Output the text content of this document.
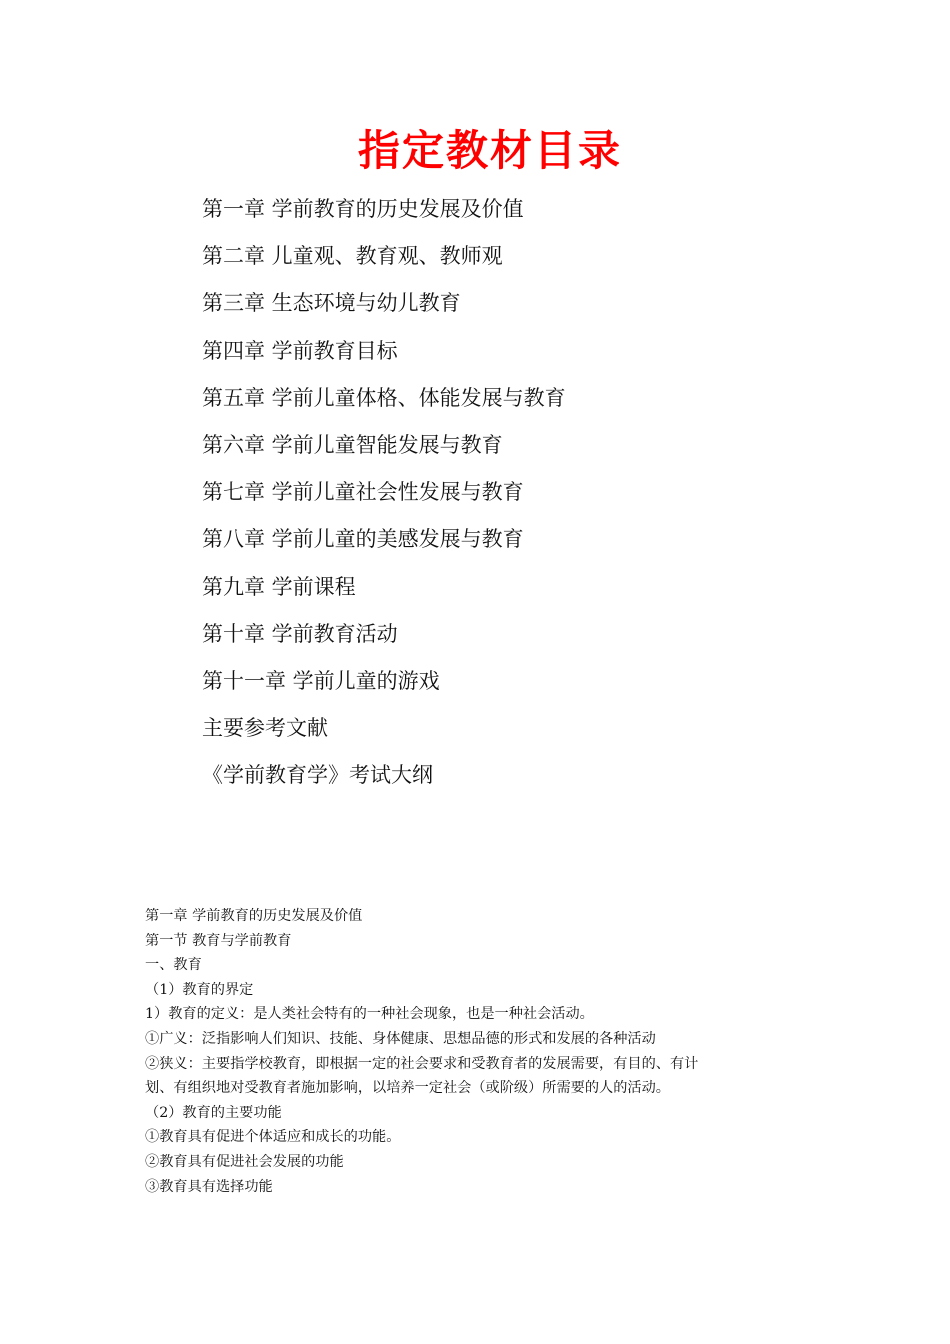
指定教材目录
第一章 学前教育的历史发展及价值
第二章 儿童观、教育观、教师观
第三章 生态环境与幼儿教育
第四章 学前教育目标
第五章 学前儿童体格、体能发展与教育
第六章 学前儿童智能发展与教育
第七章 学前儿童社会性发展与教育
第八章 学前儿童的美感发展与教育
第九章 学前课程
第十章 学前教育活动
第十一章 学前儿童的游戏
主要参考文献
《学前教育学》考试大纲
第一章 学前教育的历史发展及价值
第一节 教育与学前教育
一、教育
（1）教育的界定
1）教育的定义：是人类社会特有的一种社会现象，也是一种社会活动。
①广义：泛指影响人们知识、技能、身体健康、思想品德的形式和发展的各种活动
②狭义：主要指学校教育，即根据一定的社会要求和受教育者的发展需要，有目的、有计
划、有组织地对受教育者施加影响，以培养一定社会（或阶级）所需要的人的活动。
（2）教育的主要功能
①教育具有促进个体适应和成长的功能。
②教育具有促进社会发展的功能
③教育具有选择功能
